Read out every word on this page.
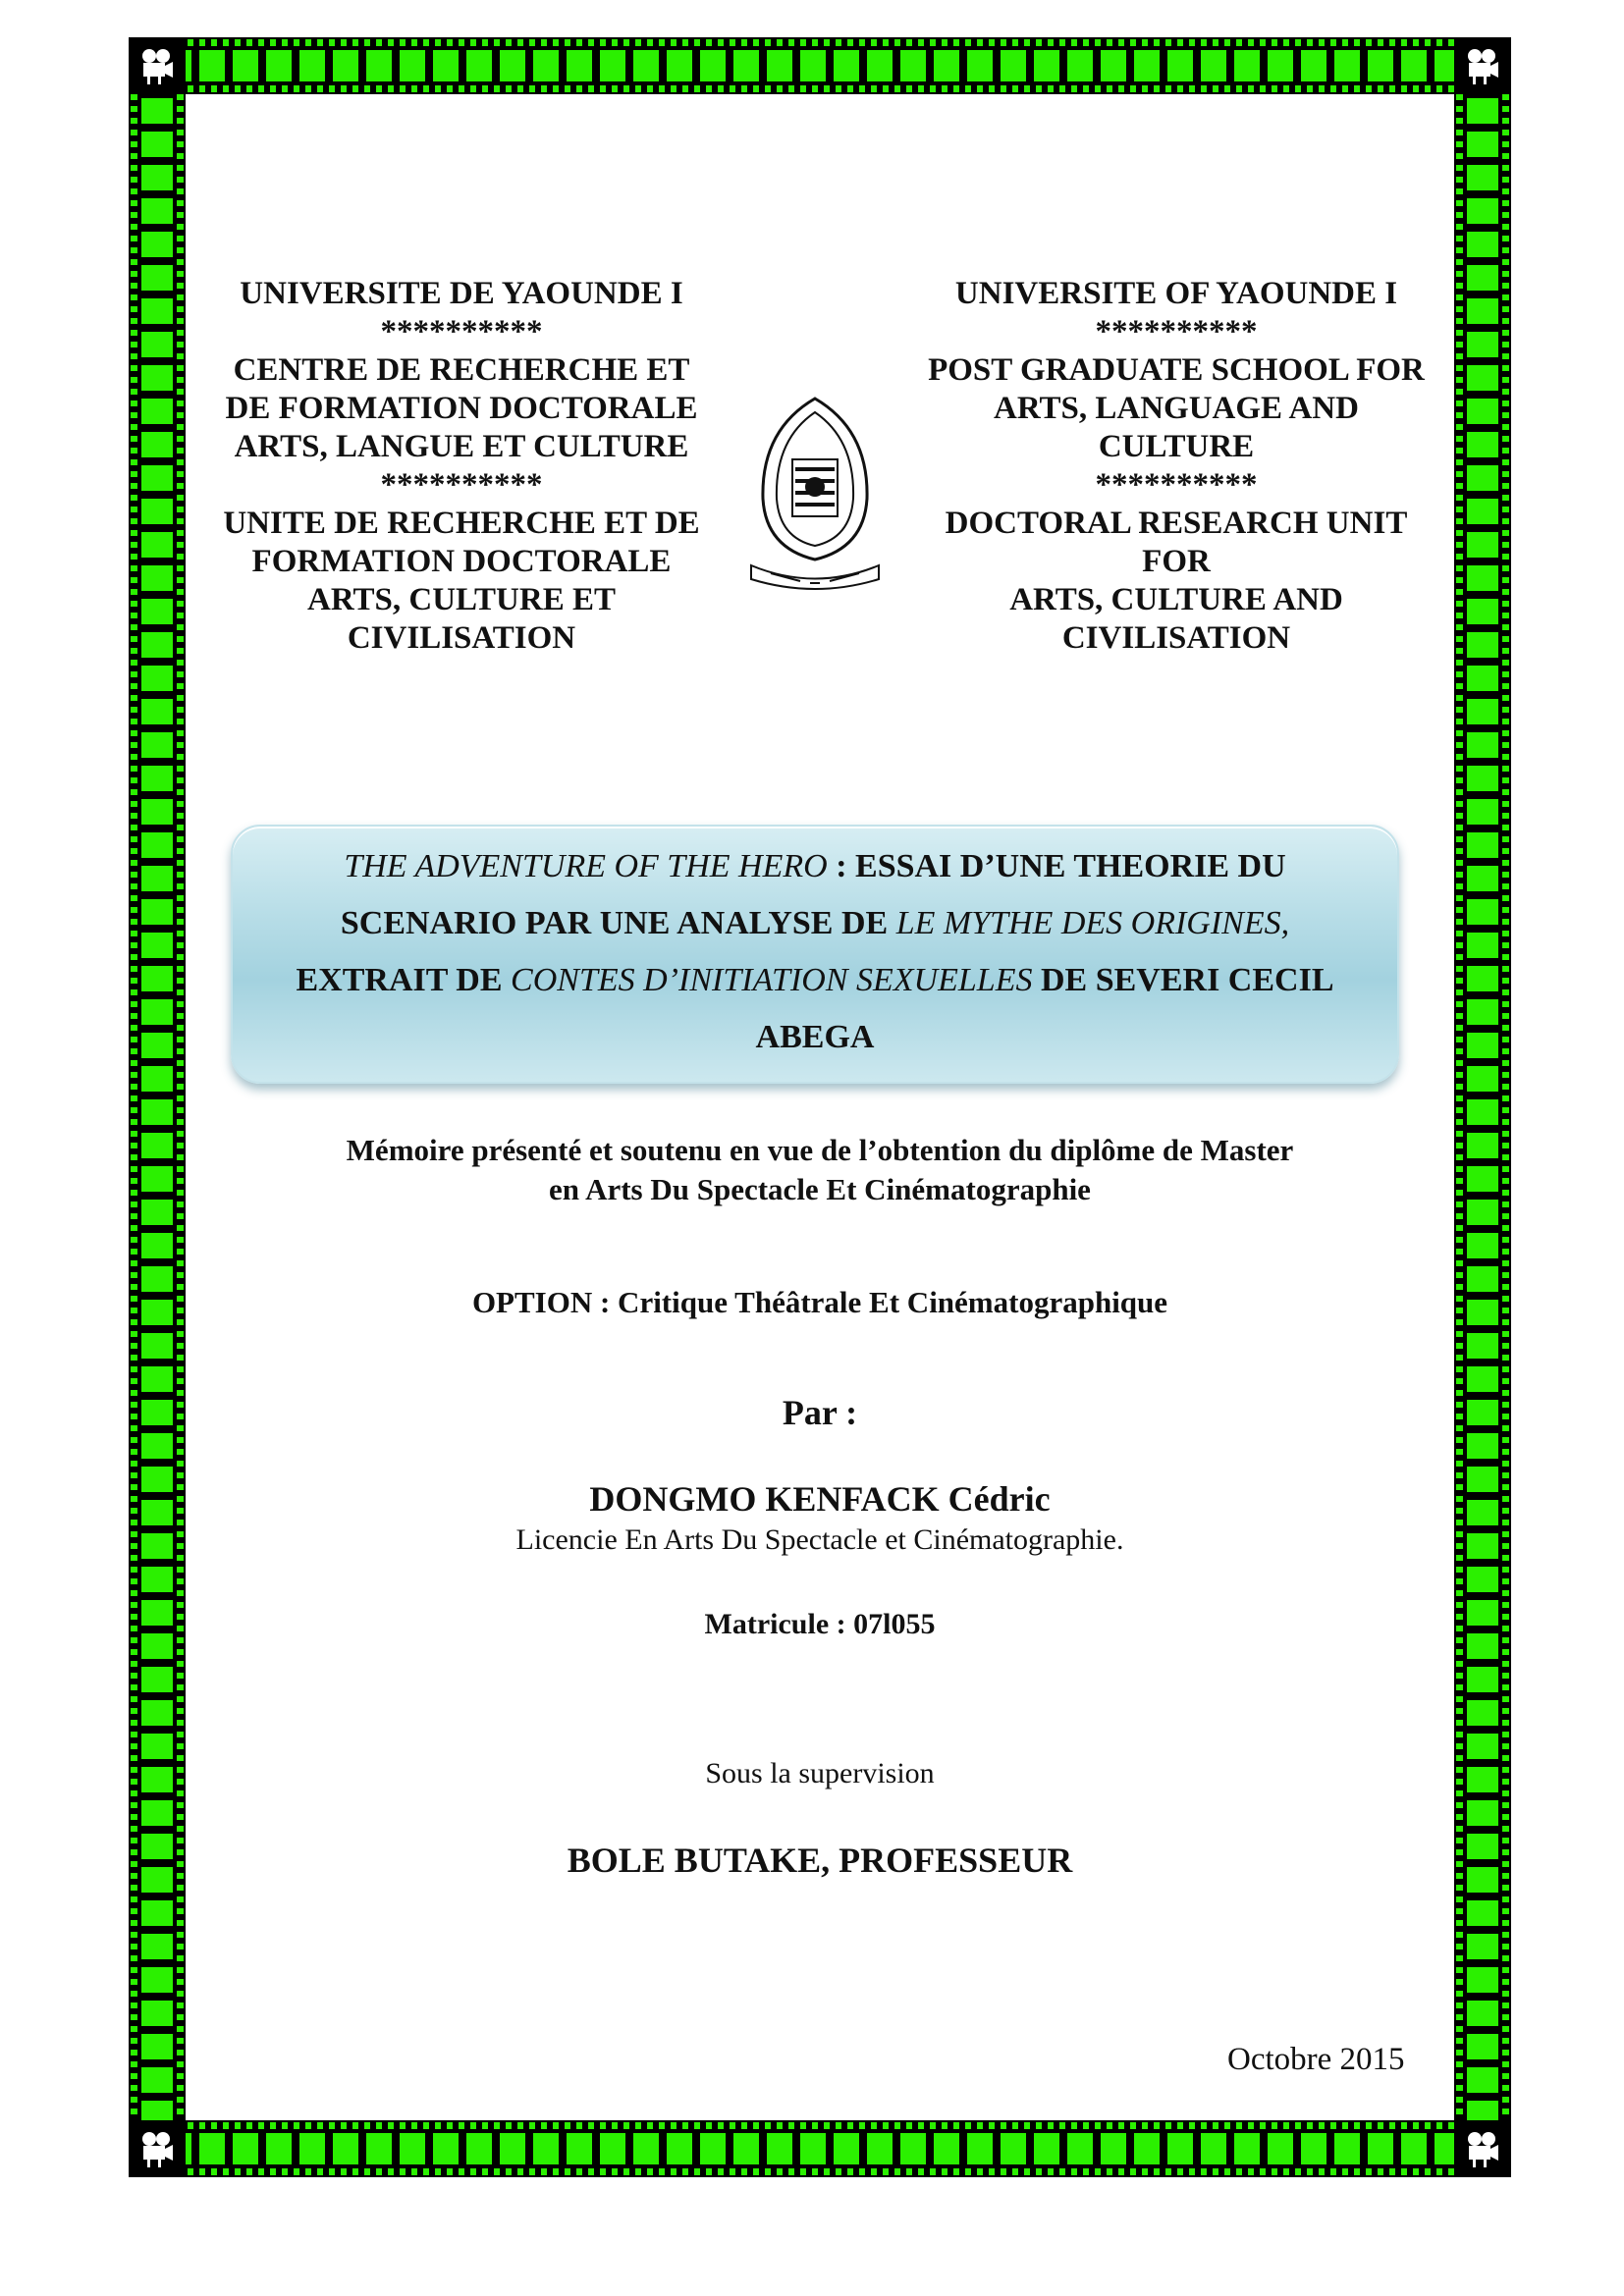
UNIVERSITE DE YAOUNDE I
**********
CENTRE DE RECHERCHE ET
DE FORMATION DOCTORALE
ARTS, LANGUE ET CULTURE
**********
UNITE DE RECHERCHE ET DE
FORMATION DOCTORALE
ARTS, CULTURE ET
CIVILISATION
UNIVERSITE OF YAOUNDE I
**********
POST GRADUATE SCHOOL FOR
ARTS, LANGUAGE AND
CULTURE
**********
DOCTORAL RESEARCH UNIT
FOR
ARTS, CULTURE AND
CIVILISATION
THE ADVENTURE OF THE HERO : ESSAI D’UNE THEORIE DU
SCENARIO PAR UNE ANALYSE DE LE MYTHE DES ORIGINES,
EXTRAIT DE CONTES D’INITIATION SEXUELLES DE SEVERI CECIL
ABEGA
Mémoire présenté et soutenu en vue de l’obtention du diplôme de Master
en Arts Du Spectacle Et Cinématographie
OPTION : Critique Théâtrale Et Cinématographique
Par :
DONGMO KENFACK Cédric
Licencie En Arts Du Spectacle et Cinématographie.
Matricule : 07l055
Sous la supervision
BOLE BUTAKE, PROFESSEUR
Octobre 2015
